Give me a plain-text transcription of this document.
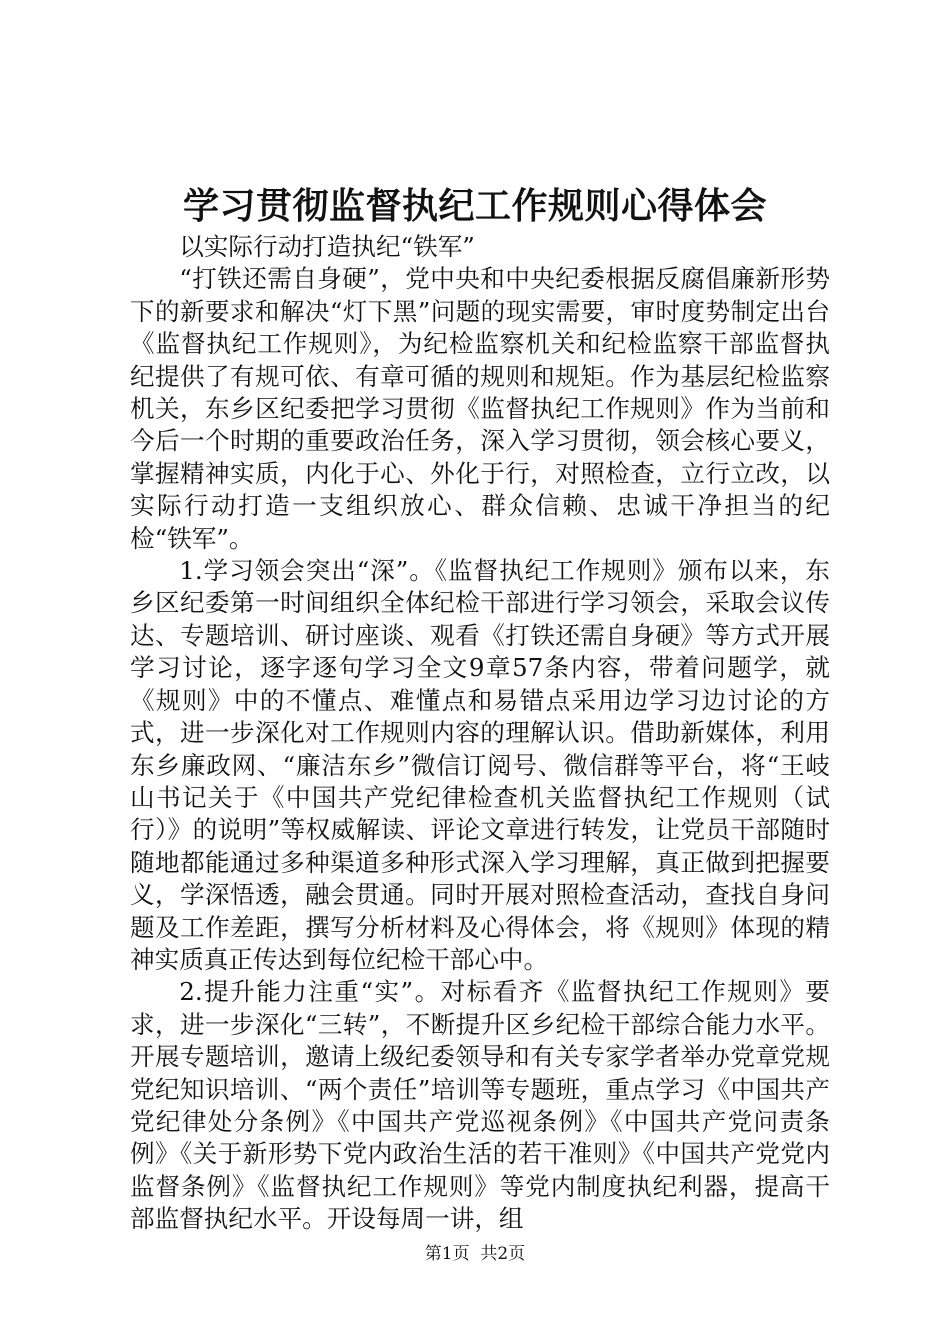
学习贯彻监督执纪工作规则心得体会

以实际行动打造执纪“铁军”

“打铁还需自身硬”，党中央和中央纪委根据反腐倡廉新形势下的新要求和解决“灯下黑”问题的现实需要，审时度势制定出台《监督执纪工作规则》，为纪检监察机关和纪检监察干部监督执纪提供了有规可依、有章可循的规则和规矩。作为基层纪检监察机关，东乡区纪委把学习贯彻《监督执纪工作规则》作为当前和今后一个时期的重要政治任务，深入学习贯彻，领会核心要义，掌握精神实质，内化于心、外化于行，对照检查，立行立改，以实际行动打造一支组织放心、群众信赖、忠诚干净担当的纪检“铁军”。

1.学习领会突出“深”。《监督执纪工作规则》颁布以来，东乡区纪委第一时间组织全体纪检干部进行学习领会，采取会议传达、专题培训、研讨座谈、观看《打铁还需自身硬》等方式开展学习讨论，逐字逐句学习全文9章57条内容，带着问题学，就《规则》中的不懂点、难懂点和易错点采用边学习边讨论的方式，进一步深化对工作规则内容的理解认识。借助新媒体，利用东乡廉政网、“廉洁东乡”微信订阅号、微信群等平台，将“王岐山书记关于《中国共产党纪律检查机关监督执纪工作规则（试行）》的说明”等权威解读、评论文章进行转发，让党员干部随时随地都能通过多种渠道多种形式深入学习理解，真正做到把握要义，学深悟透，融会贯通。同时开展对照检查活动，查找自身问题及工作差距，撰写分析材料及心得体会，将《规则》体现的精神实质真正传达到每位纪检干部心中。

2.提升能力注重“实”。对标看齐《监督执纪工作规则》要求，进一步深化“三转”，不断提升区乡纪检干部综合能力水平。开展专题培训，邀请上级纪委领导和有关专家学者举办党章党规党纪知识培训、“两个责任”培训等专题班，重点学习《中国共产党纪律处分条例》《中国共产党巡视条例》《中国共产党问责条例》《关于新形势下党内政治生活的若干准则》《中国共产党党内监督条例》《监督执纪工作规则》等党内制度执纪利器，提高干部监督执纪水平。开设每周一讲，组

第1页  共2页
